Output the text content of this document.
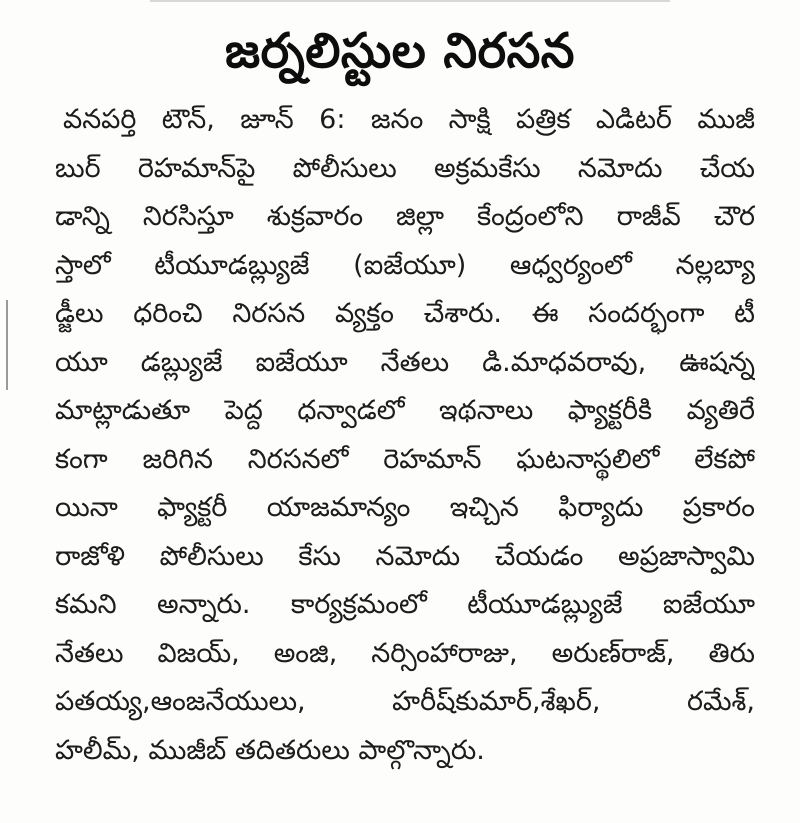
జర్నలిస్టుల నిరసన
వనపర్తి టౌన్, జూన్ 6: జనం సాక్షి పత్రిక ఎడిటర్ ముజీ
బుర్ రెహమాన్‌పై పోలీసులు అక్రమకేసు నమోదు చేయ
డాన్ని నిరసిస్తూ శుక్రవారం జిల్లా కేంద్రంలోని రాజీవ్ చౌర
స్తాలో టీయూడబ్ల్యుజే (ఐజేయూ) ఆధ్వర్యంలో నల్లబ్యా
డ్జీలు ధరించి నిరసన వ్యక్తం చేశారు. ఈ సందర్భంగా టీ
యూ డబ్ల్యుజే ఐజేయూ నేతలు డి.మాధవరావు, ఊషన్న
మాట్లాడుతూ పెద్ద ధన్వాడలో ఇథనాలు ఫ్యాక్టరీకి వ్యతిరే
కంగా జరిగిన నిరసనలో రెహమాన్ ఘటనాస్థలిలో లేకపో
యినా ఫ్యాక్టరీ యాజమాన్యం ఇచ్చిన ఫిర్యాదు ప్రకారం
రాజోళి పోలీసులు కేసు నమోదు చేయడం అప్రజాస్వామి
కమని అన్నారు. కార్యక్రమంలో టీయూడబ్ల్యుజే ఐజేయూ
నేతలు విజయ్, అంజి, నర్సింహారాజు, అరుణ్‌రాజ్, తిరు
పతయ్య,ఆంజనేయులు, హరీష్‌కుమార్,శేఖర్, రమేశ్,
హలీమ్, ముజీబ్ తదితరులు పాల్గొన్నారు.
